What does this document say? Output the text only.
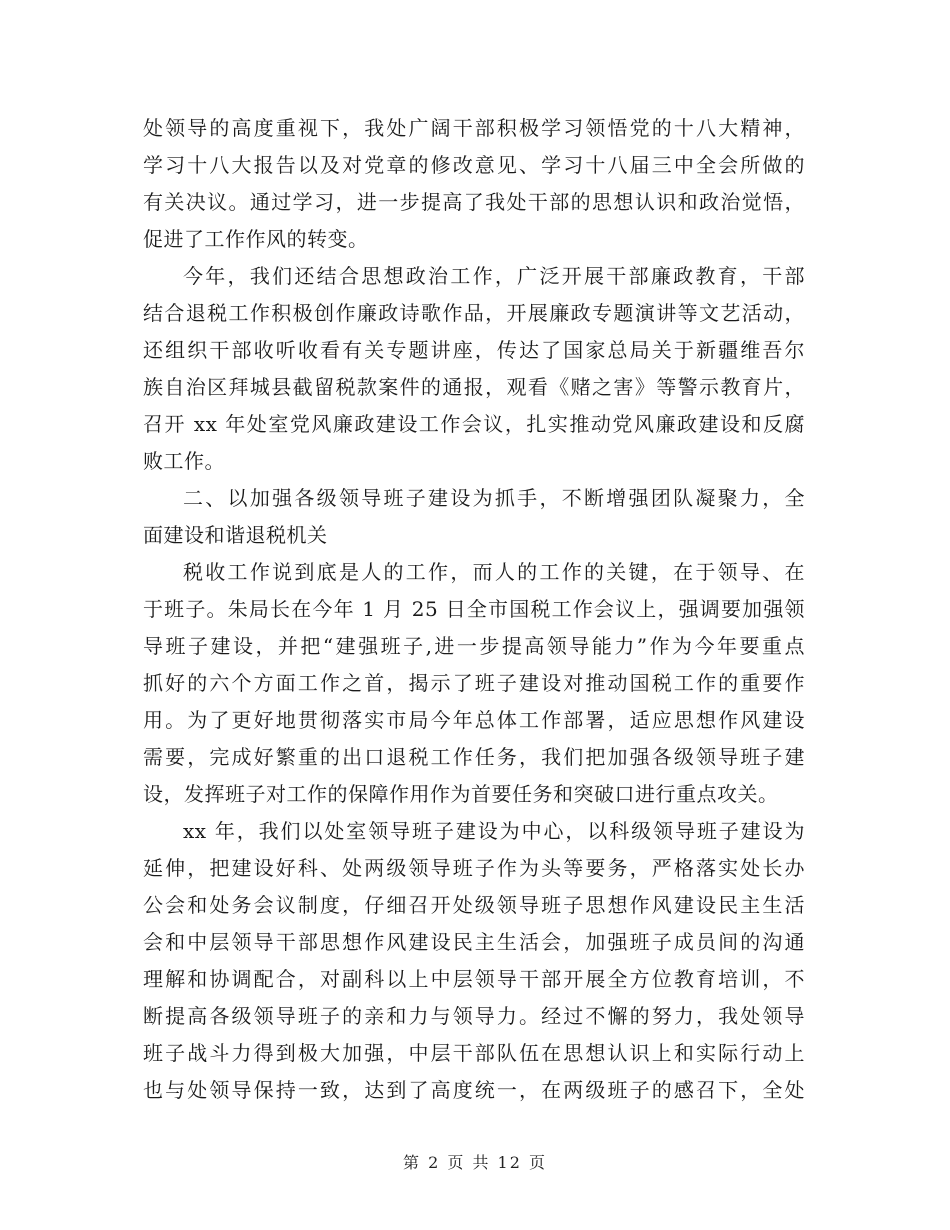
处领导的高度重视下，我处广阔干部积极学习领悟党的十八大精神，
学习十八大报告以及对党章的修改意见、学习十八届三中全会所做的
有关决议。通过学习，进一步提高了我处干部的思想认识和政治觉悟，
促进了工作作风的转变。
今年，我们还结合思想政治工作，广泛开展干部廉政教育，干部
结合退税工作积极创作廉政诗歌作品，开展廉政专题演讲等文艺活动，
还组织干部收听收看有关专题讲座，传达了国家总局关于新疆维吾尔
族自治区拜城县截留税款案件的通报，观看《赌之害》等警示教育片，
召开 xx 年处室党风廉政建设工作会议，扎实推动党风廉政建设和反腐
败工作。
二、以加强各级领导班子建设为抓手，不断增强团队凝聚力，全
面建设和谐退税机关
税收工作说到底是人的工作，而人的工作的关键，在于领导、在
于班子。朱局长在今年 1 月 25 日全市国税工作会议上，强调要加强领
导班子建设，并把“建强班子,进一步提高领导能力”作为今年要重点
抓好的六个方面工作之首，揭示了班子建设对推动国税工作的重要作
用。为了更好地贯彻落实市局今年总体工作部署，适应思想作风建设
需要，完成好繁重的出口退税工作任务，我们把加强各级领导班子建
设，发挥班子对工作的保障作用作为首要任务和突破口进行重点攻关。
xx 年，我们以处室领导班子建设为中心，以科级领导班子建设为
延伸，把建设好科、处两级领导班子作为头等要务，严格落实处长办
公会和处务会议制度，仔细召开处级领导班子思想作风建设民主生活
会和中层领导干部思想作风建设民主生活会，加强班子成员间的沟通
理解和协调配合，对副科以上中层领导干部开展全方位教育培训，不
断提高各级领导班子的亲和力与领导力。经过不懈的努力，我处领导
班子战斗力得到极大加强，中层干部队伍在思想认识上和实际行动上
也与处领导保持一致，达到了高度统一，在两级班子的感召下，全处
第 2 页 共 12 页
